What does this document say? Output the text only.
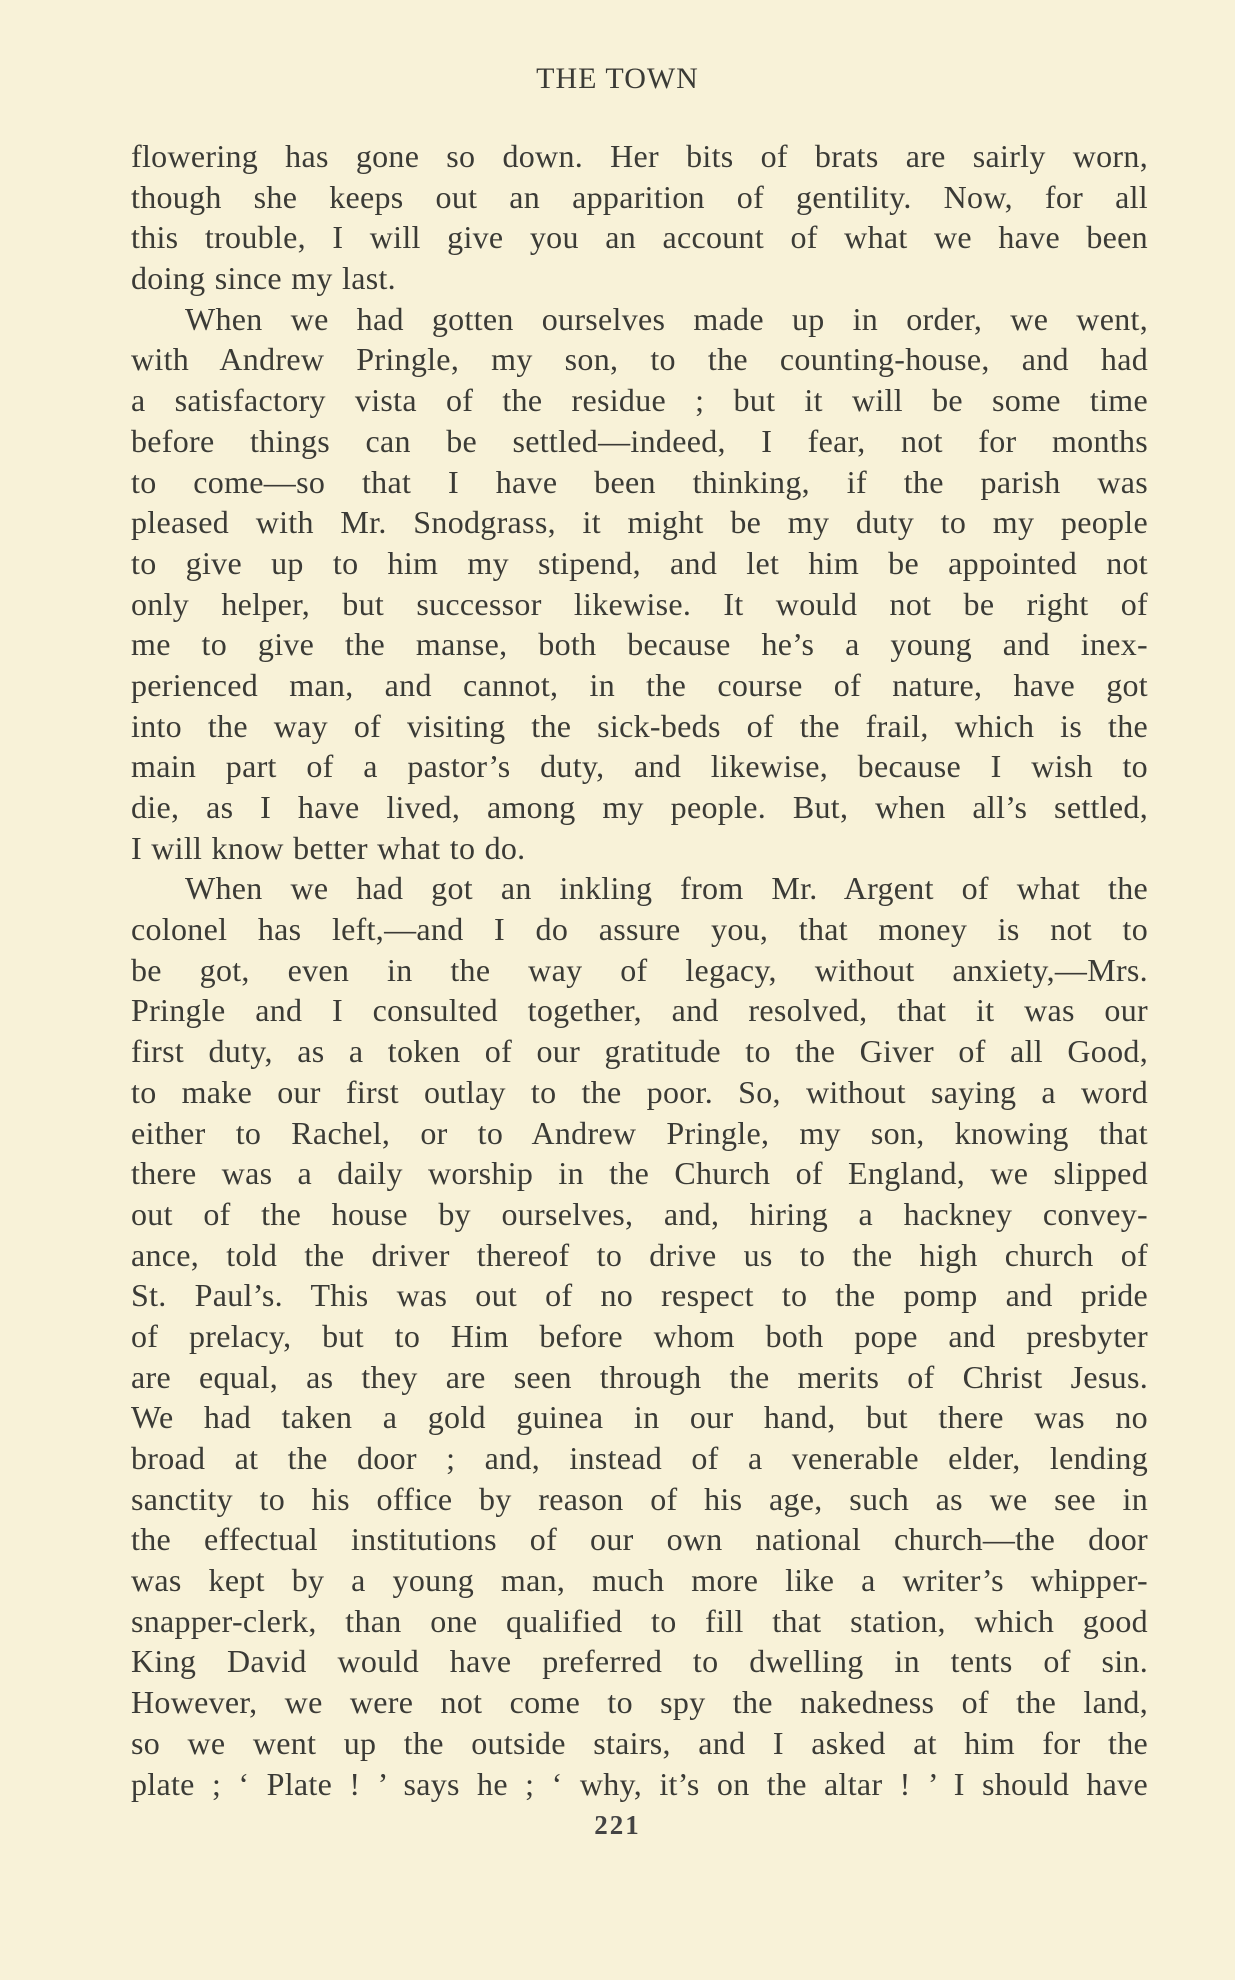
THE TOWN
flowering has gone so down. Her bits of brats are sairly worn,
though she keeps out an apparition of gentility. Now, for all
this trouble, I will give you an account of what we have been
doing since my last.
When we had gotten ourselves made up in order, we went,
with Andrew Pringle, my son, to the counting-house, and had
a satisfactory vista of the residue ; but it will be some time
before things can be settled—indeed, I fear, not for months
to come—so that I have been thinking, if the parish was
pleased with Mr. Snodgrass, it might be my duty to my people
to give up to him my stipend, and let him be appointed not
only helper, but successor likewise. It would not be right of
me to give the manse, both because he’s a young and inex-
perienced man, and cannot, in the course of nature, have got
into the way of visiting the sick-beds of the frail, which is the
main part of a pastor’s duty, and likewise, because I wish to
die, as I have lived, among my people. But, when all’s settled,
I will know better what to do.
When we had got an inkling from Mr. Argent of what the
colonel has left,—and I do assure you, that money is not to
be got, even in the way of legacy, without anxiety,—Mrs.
Pringle and I consulted together, and resolved, that it was our
first duty, as a token of our gratitude to the Giver of all Good,
to make our first outlay to the poor. So, without saying a word
either to Rachel, or to Andrew Pringle, my son, knowing that
there was a daily worship in the Church of England, we slipped
out of the house by ourselves, and, hiring a hackney convey-
ance, told the driver thereof to drive us to the high church of
St. Paul’s. This was out of no respect to the pomp and pride
of prelacy, but to Him before whom both pope and presbyter
are equal, as they are seen through the merits of Christ Jesus.
We had taken a gold guinea in our hand, but there was no
broad at the door ; and, instead of a venerable elder, lending
sanctity to his office by reason of his age, such as we see in
the effectual institutions of our own national church—the door
was kept by a young man, much more like a writer’s whipper-
snapper-clerk, than one qualified to fill that station, which good
King David would have preferred to dwelling in tents of sin.
However, we were not come to spy the nakedness of the land,
so we went up the outside stairs, and I asked at him for the
plate ; ‘ Plate ! ’ says he ; ‘ why, it’s on the altar ! ’ I should have
221
